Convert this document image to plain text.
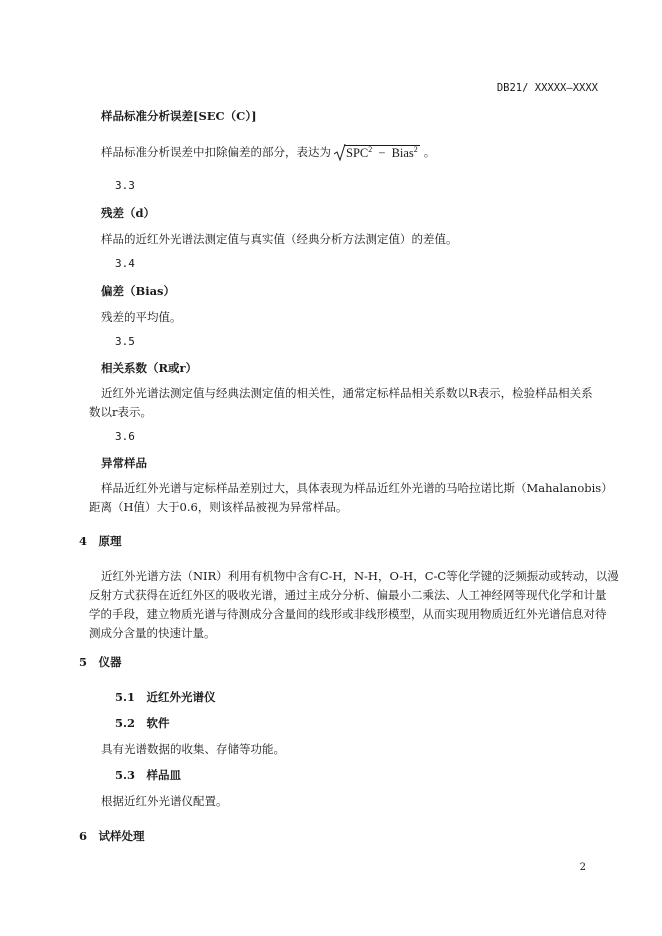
DB21/ XXXXX—XXXX
样品标准分析误差[SEC（C）]
样品标准分析误差中扣除偏差的部分，表达为	$SPC^2$ − Bias$^2$ 。
3.3
残差（d）
样品的近红外光谱法测定值与真实值（经典分析方法测定值）的差值。
3.4
偏差（Bias）
残差的平均值。
3.5
相关系数（R或r）
近红外光谱法测定值与经典法测定值的相关性，通常定标样品相关系数以R表示，检验样品相关系
数以r表示。
3.6
异常样品
样品近红外光谱与定标样品差别过大，具体表现为样品近红外光谱的马哈拉诺比斯（Mahalanobis）
距离（H值）大于0.6，则该样品被视为异常样品。
4　原理
近红外光谱方法（NIR）利用有机物中含有C-H，N-H，O-H，C-C等化学键的泛频振动或转动，以漫
反射方式获得在近红外区的吸收光谱，通过主成分分析、偏最小二乘法、人工神经网等现代化学和计量
学的手段，建立物质光谱与待测成分含量间的线形或非线形模型，从而实现用物质近红外光谱信息对待
测成分含量的快速计量。
5　仪器
5.1　近红外光谱仪
5.2　软件
具有光谱数据的收集、存储等功能。
5.3　样品皿
根据近红外光谱仪配置。
6　试样处理
2
